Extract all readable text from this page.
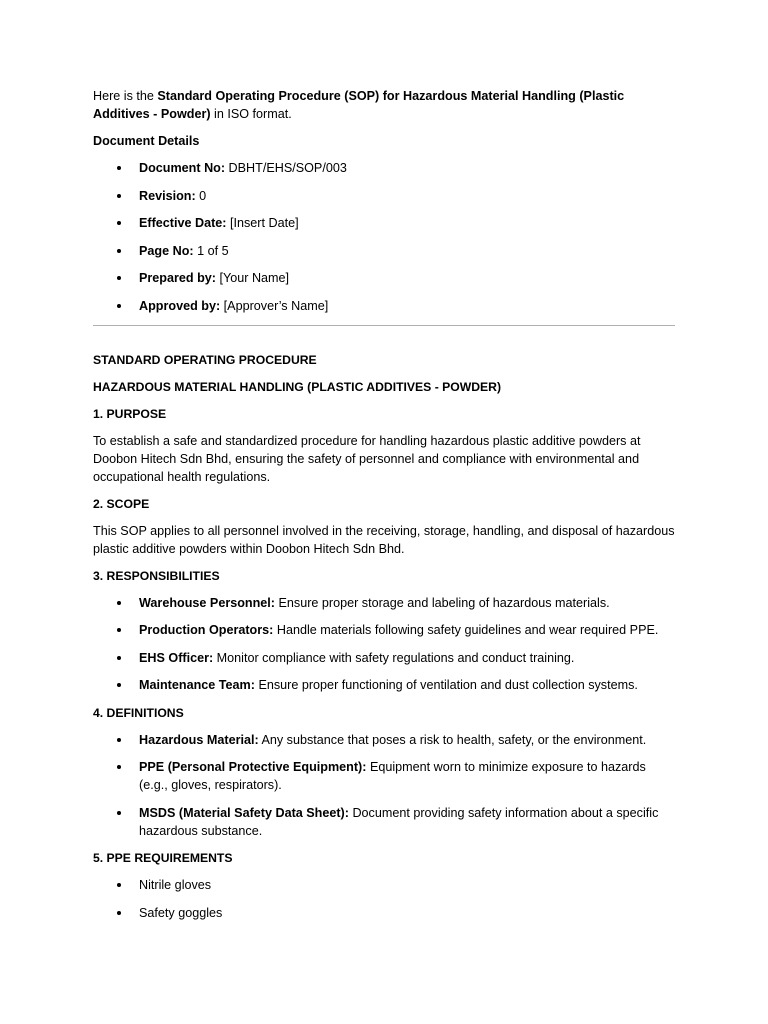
Here is the Standard Operating Procedure (SOP) for Hazardous Material Handling (Plastic Additives - Powder) in ISO format.

Document Details

Document No: DBHT/EHS/SOP/003
Revision: 0
Effective Date: [Insert Date]
Page No: 1 of 5
Prepared by: [Your Name]
Approved by: [Approver’s Name]

STANDARD OPERATING PROCEDURE

HAZARDOUS MATERIAL HANDLING (PLASTIC ADDITIVES - POWDER)

1. PURPOSE

To establish a safe and standardized procedure for handling hazardous plastic additive powders at Doobon Hitech Sdn Bhd, ensuring the safety of personnel and compliance with environmental and occupational health regulations.

2. SCOPE

This SOP applies to all personnel involved in the receiving, storage, handling, and disposal of hazardous plastic additive powders within Doobon Hitech Sdn Bhd.

3. RESPONSIBILITIES

Warehouse Personnel: Ensure proper storage and labeling of hazardous materials.
Production Operators: Handle materials following safety guidelines and wear required PPE.
EHS Officer: Monitor compliance with safety regulations and conduct training.
Maintenance Team: Ensure proper functioning of ventilation and dust collection systems.

4. DEFINITIONS

Hazardous Material: Any substance that poses a risk to health, safety, or the environment.
PPE (Personal Protective Equipment): Equipment worn to minimize exposure to hazards (e.g., gloves, respirators).
MSDS (Material Safety Data Sheet): Document providing safety information about a specific hazardous substance.

5. PPE REQUIREMENTS

Nitrile gloves
Safety goggles
